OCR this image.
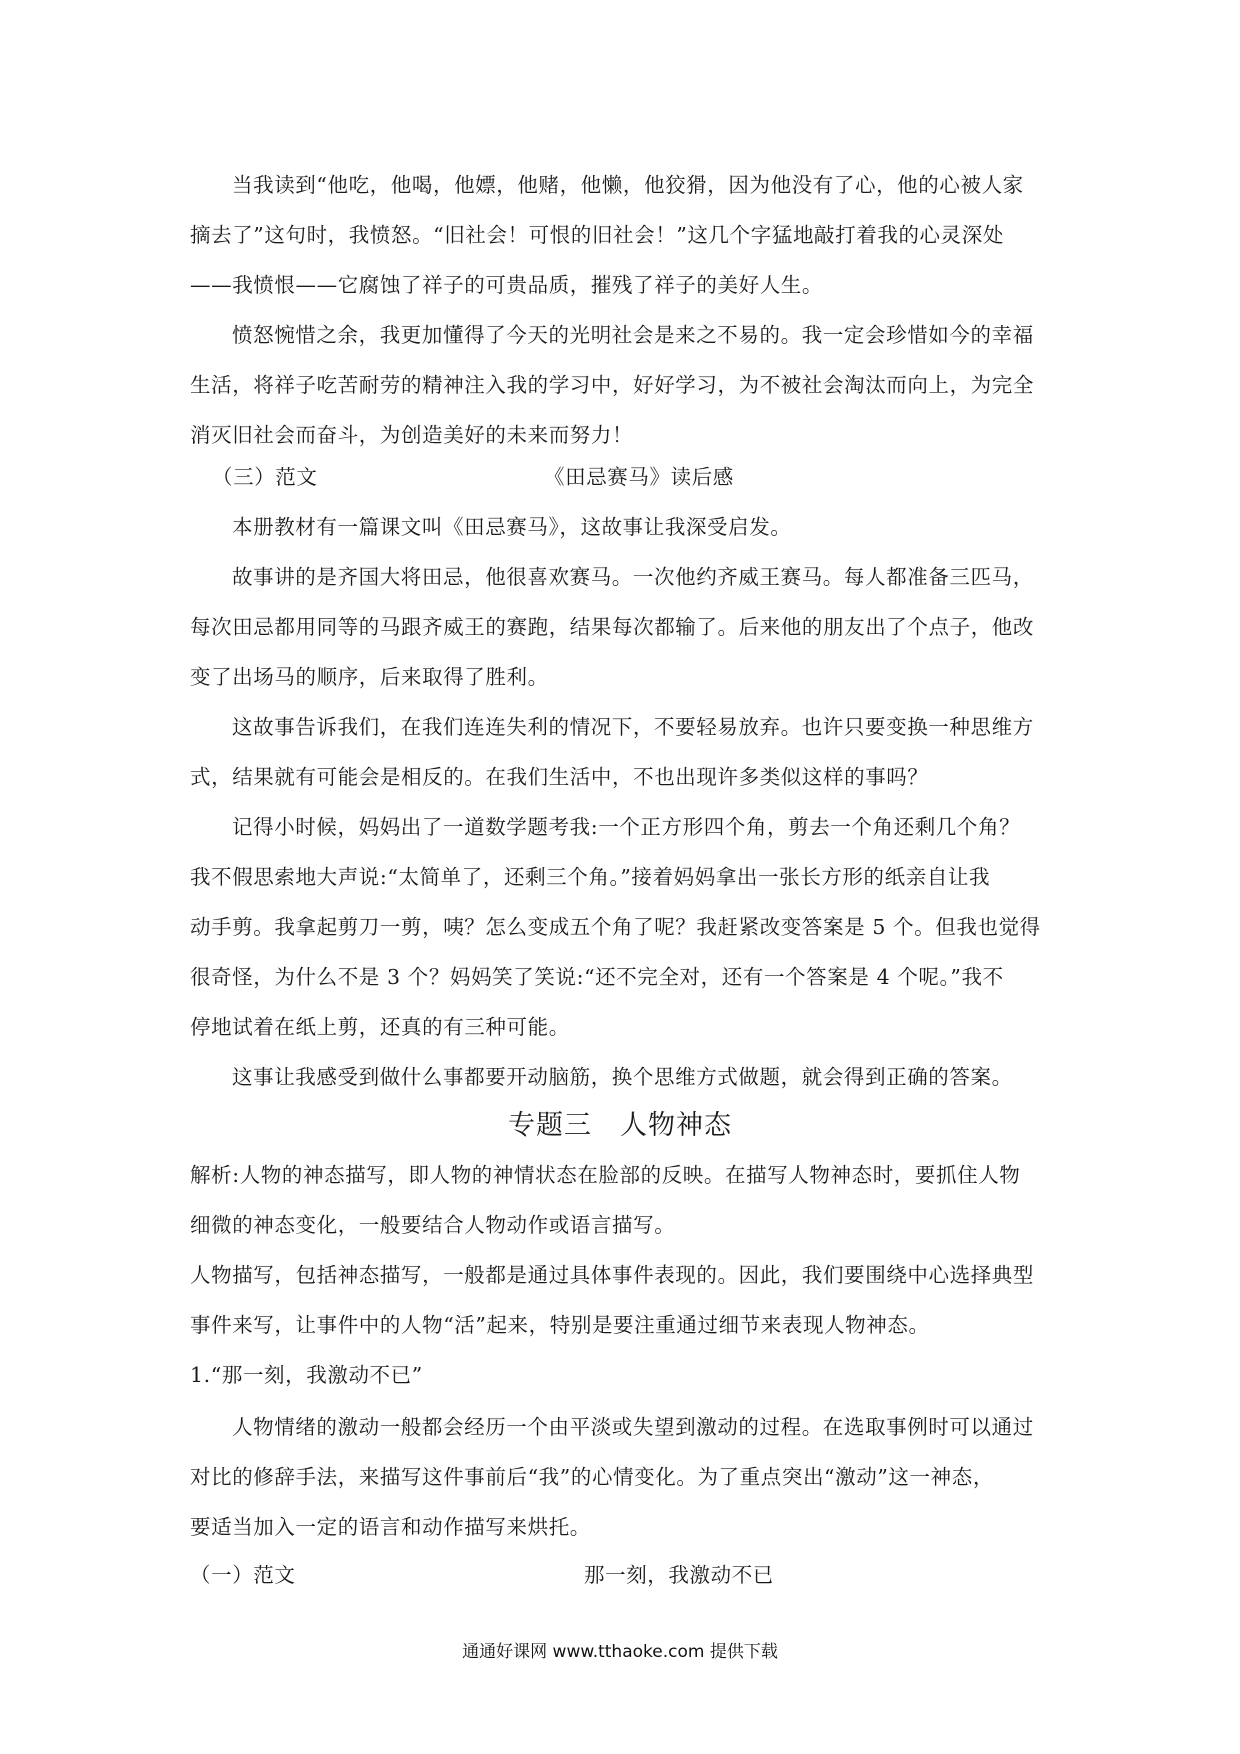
当我读到“他吃，他喝，他嫖，他赌，他懒，他狡猾，因为他没有了心，他的心被人家
摘去了”这句时，我愤怒。“旧社会！可恨的旧社会！”这几个字猛地敲打着我的心灵深处
——我愤恨——它腐蚀了祥子的可贵品质，摧残了祥子的美好人生。
愤怒惋惜之余，我更加懂得了今天的光明社会是来之不易的。我一定会珍惜如今的幸福
生活，将祥子吃苦耐劳的精神注入我的学习中，好好学习，为不被社会淘汰而向上，为完全
消灭旧社会而奋斗，为创造美好的未来而努力！
（三）范文	《田忌赛马》读后感
本册教材有一篇课文叫《田忌赛马》，这故事让我深受启发。
故事讲的是齐国大将田忌，他很喜欢赛马。一次他约齐威王赛马。每人都准备三匹马，
每次田忌都用同等的马跟齐威王的赛跑，结果每次都输了。后来他的朋友出了个点子，他改
变了出场马的顺序，后来取得了胜利。
这故事告诉我们，在我们连连失利的情况下，不要轻易放弃。也许只要变换一种思维方
式，结果就有可能会是相反的。在我们生活中，不也出现许多类似这样的事吗？
记得小时候，妈妈出了一道数学题考我:一个正方形四个角，剪去一个角还剩几个角？
我不假思索地大声说:“太简单了，还剩三个角。”接着妈妈拿出一张长方形的纸亲自让我
动手剪。我拿起剪刀一剪，咦？怎么变成五个角了呢？我赶紧改变答案是 5 个。但我也觉得
很奇怪，为什么不是 3 个？妈妈笑了笑说:“还不完全对，还有一个答案是 4 个呢。”我不
停地试着在纸上剪，还真的有三种可能。
这事让我感受到做什么事都要开动脑筋，换个思维方式做题，就会得到正确的答案。
专题三 人物神态
解析:人物的神态描写，即人物的神情状态在脸部的反映。在描写人物神态时，要抓住人物
细微的神态变化，一般要结合人物动作或语言描写。
人物描写，包括神态描写，一般都是通过具体事件表现的。因此，我们要围绕中心选择典型
事件来写，让事件中的人物“活”起来，特别是要注重通过细节来表现人物神态。
1.“那一刻，我激动不已”
人物情绪的激动一般都会经历一个由平淡或失望到激动的过程。在选取事例时可以通过
对比的修辞手法，来描写这件事前后“我”的心情变化。为了重点突出“激动”这一神态，
要适当加入一定的语言和动作描写来烘托。
（一）范文	那一刻，我激动不已
通通好课网 www.tthaoke.com 提供下载
